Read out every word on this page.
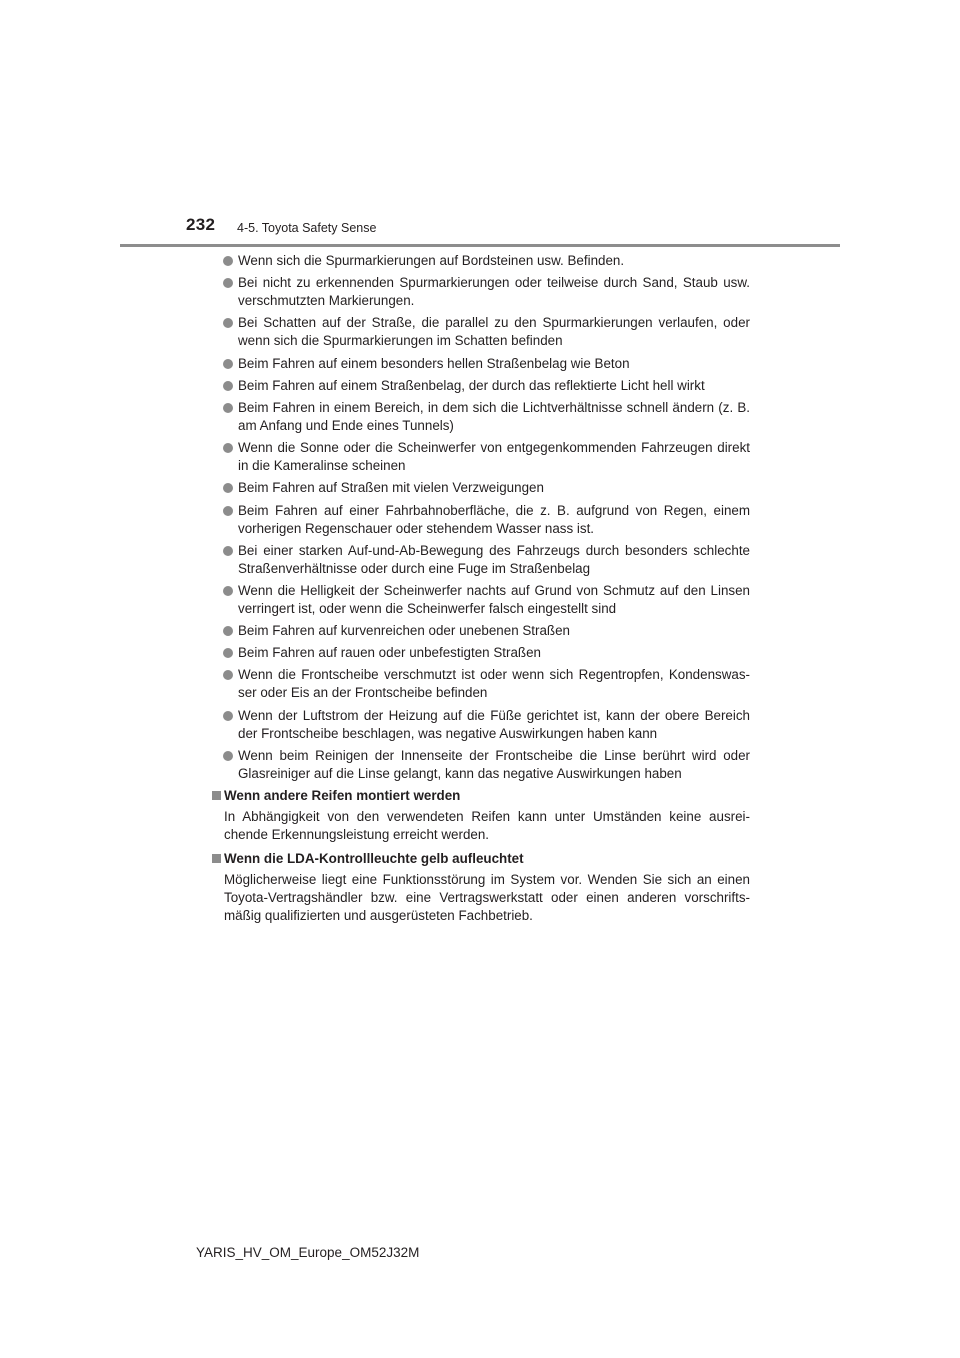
232 4-5. Toyota Safety Sense
Wenn sich die Spurmarkierungen auf Bordsteinen usw. Befinden.
Bei nicht zu erkennenden Spurmarkierungen oder teilweise durch Sand, Staub usw. verschmutzten Markierungen.
Bei Schatten auf der Straße, die parallel zu den Spurmarkierungen verlaufen, oder wenn sich die Spurmarkierungen im Schatten befinden
Beim Fahren auf einem besonders hellen Straßenbelag wie Beton
Beim Fahren auf einem Straßenbelag, der durch das reflektierte Licht hell wirkt
Beim Fahren in einem Bereich, in dem sich die Lichtverhältnisse schnell ändern (z. B. am Anfang und Ende eines Tunnels)
Wenn die Sonne oder die Scheinwerfer von entgegenkommenden Fahrzeugen direkt in die Kameralinse scheinen
Beim Fahren auf Straßen mit vielen Verzweigungen
Beim Fahren auf einer Fahrbahnoberfläche, die z. B. aufgrund von Regen, einem vorherigen Regenschauer oder stehendem Wasser nass ist.
Bei einer starken Auf-und-Ab-Bewegung des Fahrzeugs durch besonders schlechte Straßenverhältnisse oder durch eine Fuge im Straßenbelag
Wenn die Helligkeit der Scheinwerfer nachts auf Grund von Schmutz auf den Linsen verringert ist, oder wenn die Scheinwerfer falsch eingestellt sind
Beim Fahren auf kurvenreichen oder unebenen Straßen
Beim Fahren auf rauen oder unbefestigten Straßen
Wenn die Frontscheibe verschmutzt ist oder wenn sich Regentropfen, Kondenswas-ser oder Eis an der Frontscheibe befinden
Wenn der Luftstrom der Heizung auf die Füße gerichtet ist, kann der obere Bereich der Frontscheibe beschlagen, was negative Auswirkungen haben kann
Wenn beim Reinigen der Innenseite der Frontscheibe die Linse berührt wird oder Glasreiniger auf die Linse gelangt, kann das negative Auswirkungen haben
Wenn andere Reifen montiert werden
In Abhängigkeit von den verwendeten Reifen kann unter Umständen keine ausrei-chende Erkennungsleistung erreicht werden.
Wenn die LDA-Kontrollleuchte gelb aufleuchtet
Möglicherweise liegt eine Funktionsstörung im System vor. Wenden Sie sich an einen Toyota-Vertragshändler bzw. eine Vertragswerkstatt oder einen anderen vorschrifts-mäßig qualifizierten und ausgerüsteten Fachbetrieb.
YARIS_HV_OM_Europe_OM52J32M
